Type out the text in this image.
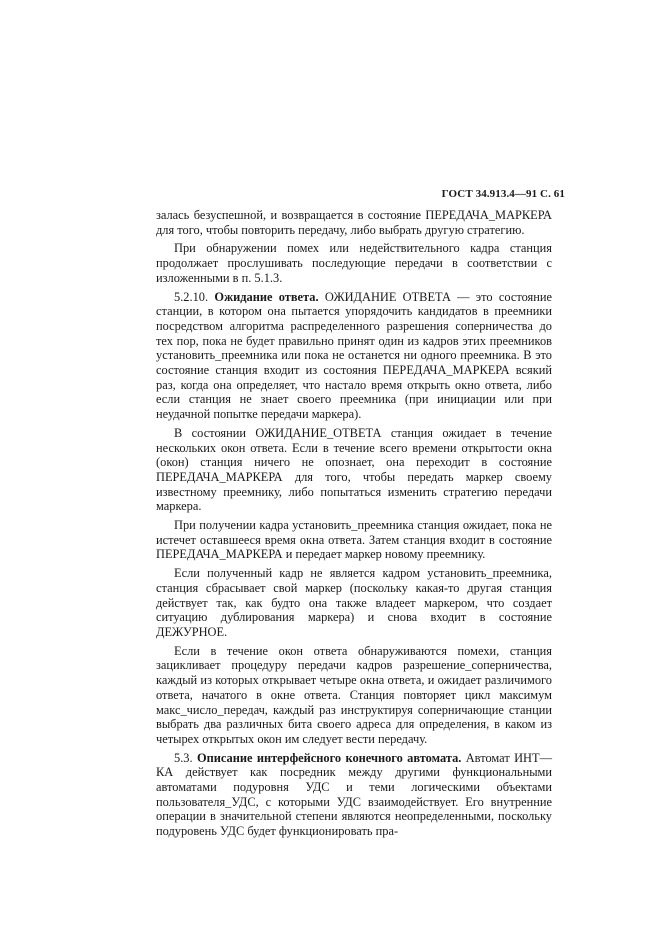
ГОСТ 34.913.4—91 С. 61

залась безуспешной, и возвращается в состояние ПЕРЕДАЧА_МАРКЕРА для того, чтобы повторить передачу, либо выбрать другую стратегию.

При обнаружении помех или недействительного кадра станция продолжает прослушивать последующие передачи в соответствии с изложенными в п. 5.1.3.

5.2.10. Ожидание ответа. ОЖИДАНИЕ ОТВЕТА — это состояние станции, в котором она пытается упорядочить кандидатов в преемники посредством алгоритма распределенного разрешения соперничества до тех пор, пока не будет правильно принят один из кадров этих преемников установить_преемника или пока не останется ни одного преемника. В это состояние станция входит из состояния ПЕРЕДАЧА_МАРКЕРА всякий раз, когда она определяет, что настало время открыть окно ответа, либо если станция не знает своего преемника (при инициации или при неудачной попытке передачи маркера).

В состоянии ОЖИДАНИЕ_ОТВЕТА станция ожидает в течение нескольких окон ответа. Если в течение всего времени открытости окна (окон) станция ничего не опознает, она переходит в состояние ПЕРЕДАЧА_МАРКЕРА для того, чтобы передать маркер своему известному преемнику, либо попытаться изменить стратегию передачи маркера.

При получении кадра установить_преемника станция ожидает, пока не истечет оставшееся время окна ответа. Затем станция входит в состояние ПЕРЕДАЧА_МАРКЕРА и передает маркер новому преемнику.

Если полученный кадр не является кадром установить_преемника, станция сбрасывает свой маркер (поскольку какая-то другая станция действует так, как будто она также владеет маркером, что создает ситуацию дублирования маркера) и снова входит в состояние ДЕЖУРНОЕ.

Если в течение окон ответа обнаруживаются помехи, станция зацикливает процедуру передачи кадров разрешение_соперничества, каждый из которых открывает четыре окна ответа, и ожидает различимого ответа, начатого в окне ответа. Станция повторяет цикл максимум макс_число_передач, каждый раз инструктируя соперничающие станции выбрать два различных бита своего адреса для определения, в каком из четырех открытых окон им следует вести передачу.

5.3. Описание интерфейсного конечного автомата. Автомат ИНТ—КА действует как посредник между другими функциональными автоматами подуровня УДС и теми логическими объектами пользователя_УДС, с которыми УДС взаимодействует. Его внутренние операции в значительной степени являются неопределенными, поскольку подуровень УДС будет функционировать пра-
